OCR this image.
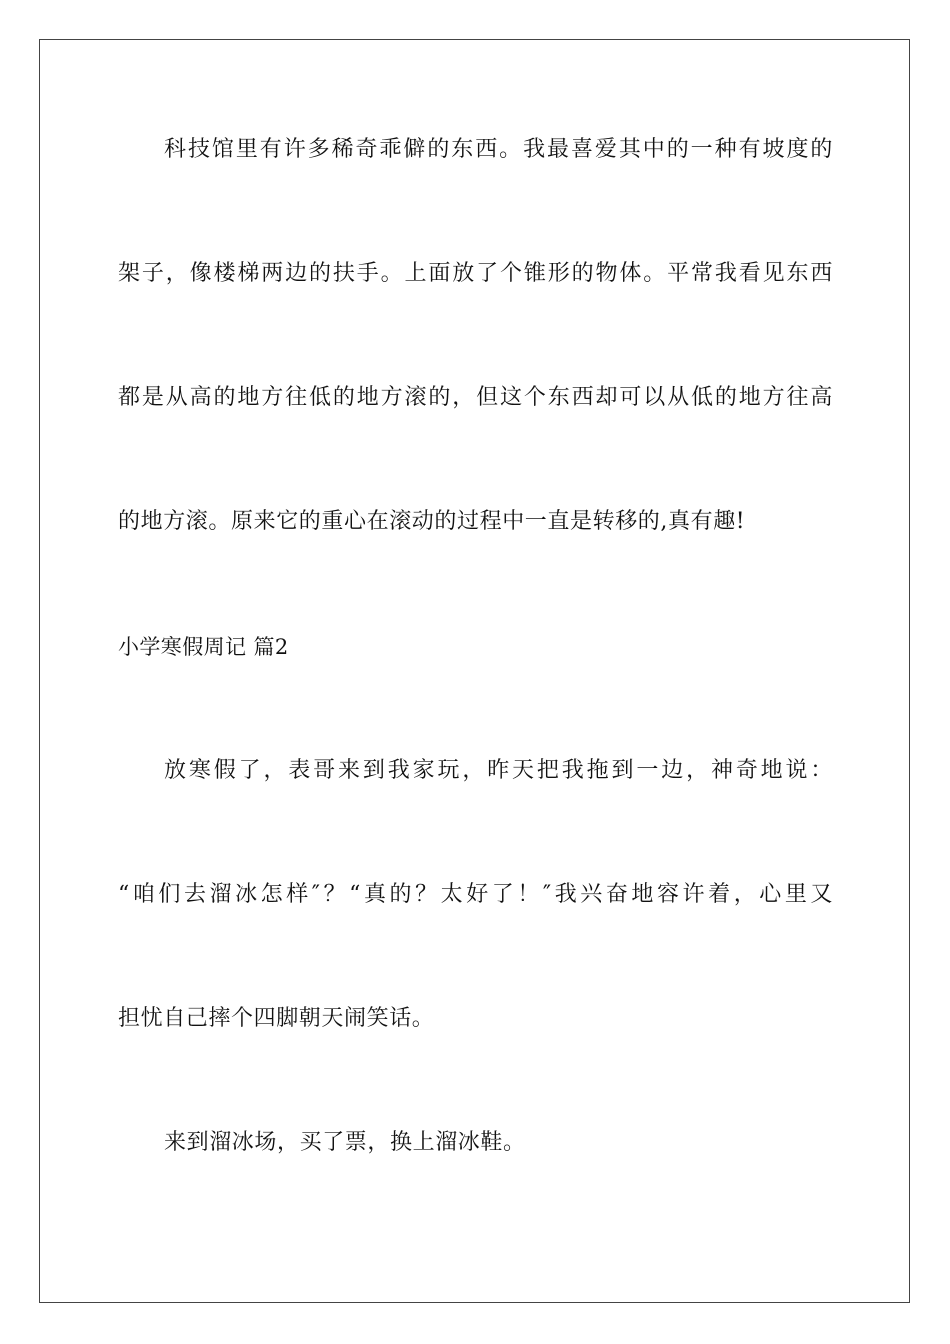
科技馆里有许多稀奇乖僻的东西。我最喜爱其中的一种有坡度的
架子，像楼梯两边的扶手。上面放了个锥形的物体。平常我看见东西
都是从高的地方往低的地方滚的，但这个东西却可以从低的地方往高
的地方滚。原来它的重心在滚动的过程中一直是转移的,真有趣!
小学寒假周记 篇2
放寒假了，表哥来到我家玩，昨天把我拖到一边，神奇地说：
“咱们去溜冰怎样″？“真的？太好了！″我兴奋地容许着，心里又
担忧自己摔个四脚朝天闹笑话。
来到溜冰场，买了票，换上溜冰鞋。
